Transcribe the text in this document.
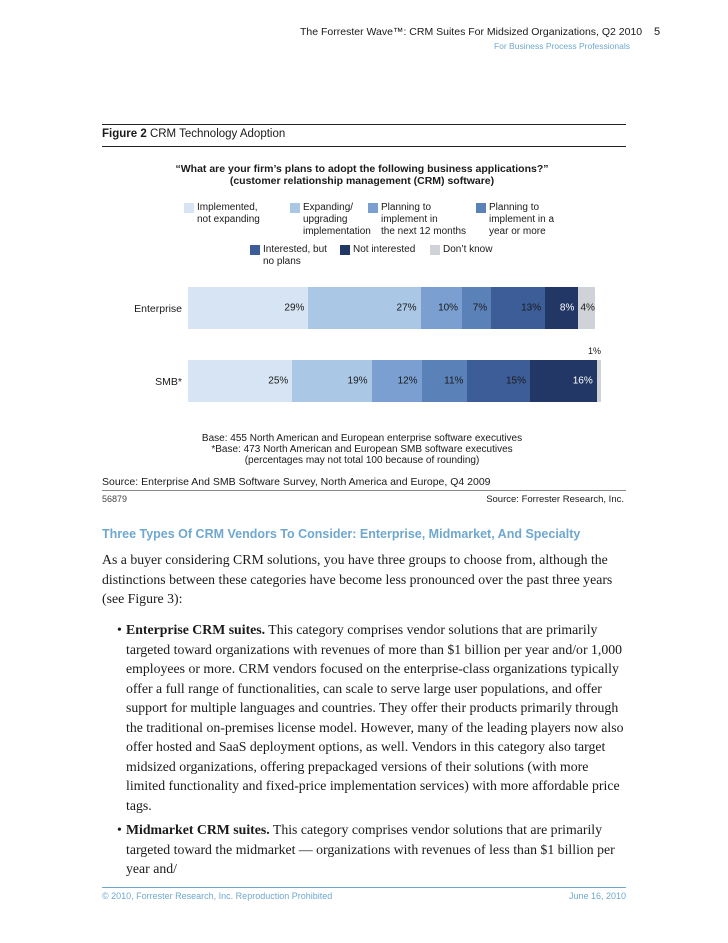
The Forrester Wave™: CRM Suites For Midsized Organizations, Q2 2010 5
For Business Process Professionals
Figure 2 CRM Technology Adoption
“What are your firm’s plans to adopt the following business applications?”
(customer relationship management (CRM) software)
Implemented,
not expanding
Expanding/
upgrading
implementation
Planning to
implement in
the next 12 months
Planning to
implement in a
year or more
Interested, but
no plans
Not interested	Don’t know
Enterprise	29%	27% 10% 7%	13% 8% 4%
1%
SMB*	25%	19%	12%	11%	15%	16%
Base: 455 North American and European enterprise software executives
*Base: 473 North American and European SMB software executives
(percentages may not total 100 because of rounding)
Source: Enterprise And SMB Software Survey, North America and Europe, Q4 2009
56879	Source: Forrester Research, Inc.
Three Types Of CRM Vendors To Consider: Enterprise, Midmarket, And Specialty
As a buyer considering CRM solutions, you have three groups to choose from, although the distinctions between these categories have become less pronounced over the past three years (see Figure 3):
• Enterprise CRM suites. This category comprises vendor solutions that are primarily targeted toward organizations with revenues of more than $1 billion per year and/or 1,000 employees or more. CRM vendors focused on the enterprise-class organizations typically offer a full range of functionalities, can scale to serve large user populations, and offer support for multiple languages and countries. They offer their products primarily through the traditional on-premises license model. However, many of the leading players now also offer hosted and SaaS deployment options, as well. Vendors in this category also target midsized organizations, offering prepackaged versions of their solutions (with more limited functionality and fixed-price implementation services) with more affordable price tags.
• Midmarket CRM suites. This category comprises vendor solutions that are primarily targeted toward the midmarket — organizations with revenues of less than $1 billion per year and/
© 2010, Forrester Research, Inc. Reproduction Prohibited	June 16, 2010
